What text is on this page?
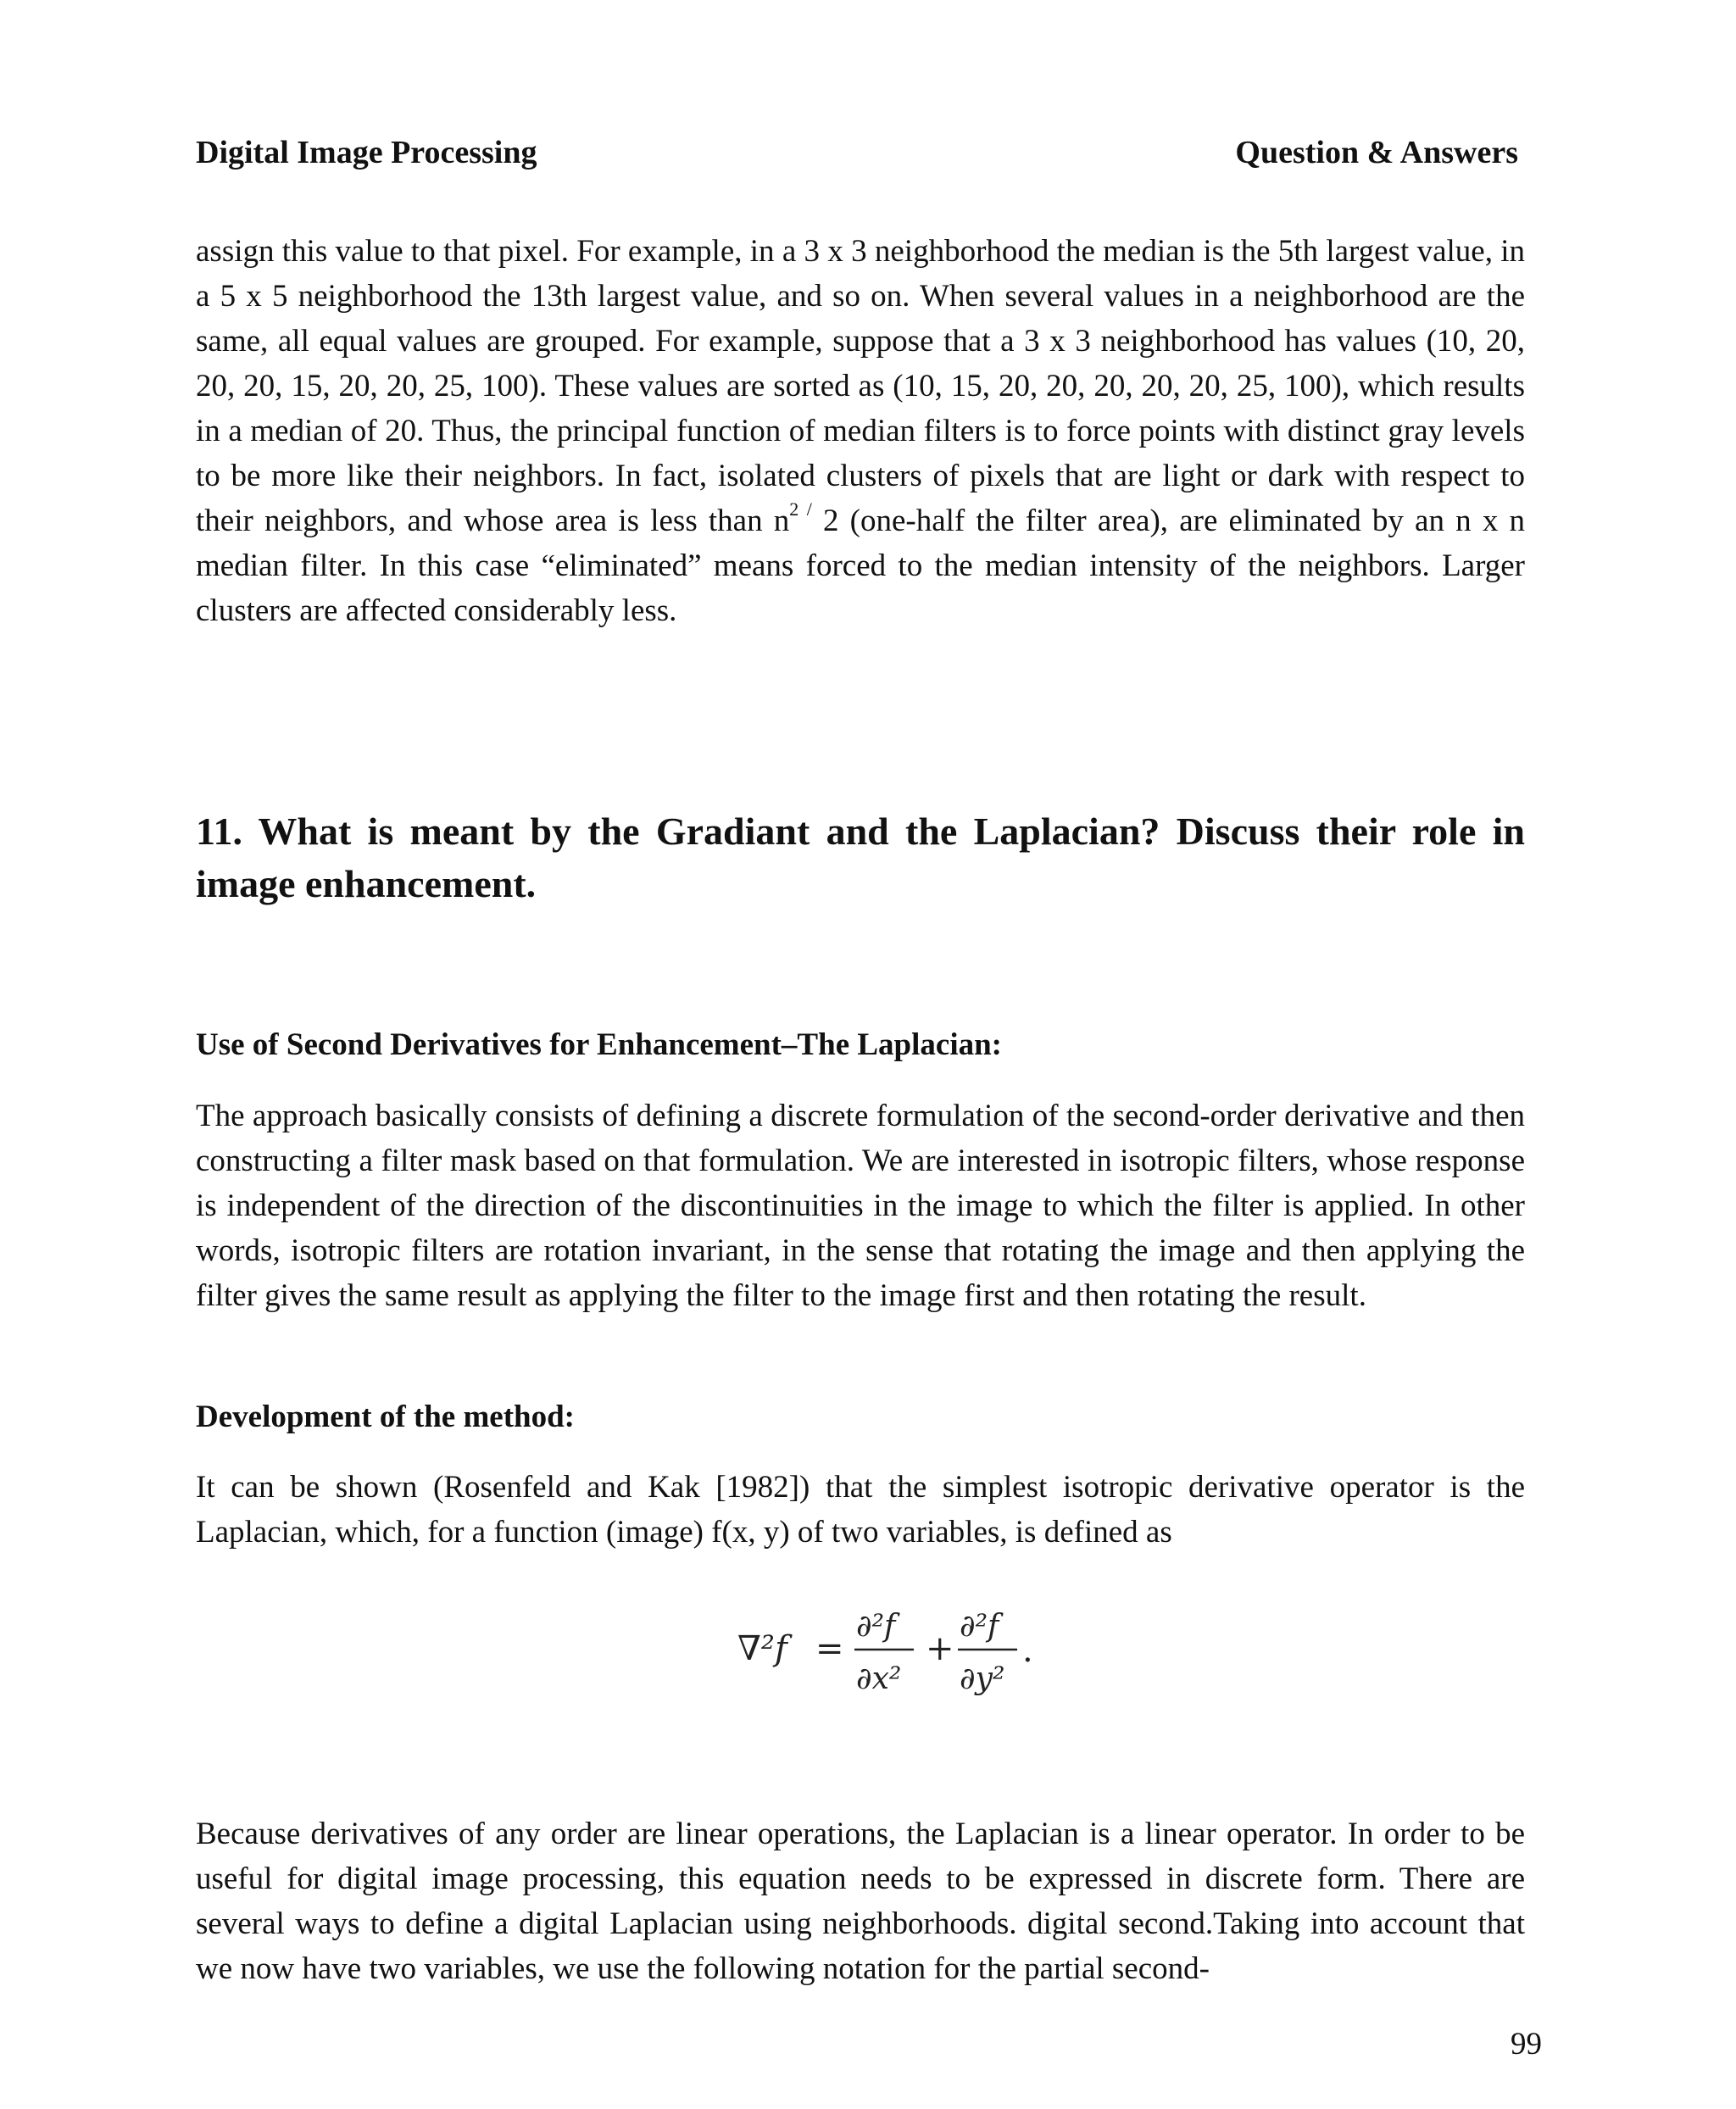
Digital Image Processing	Question & Answers

assign this value to that pixel. For example, in a 3 x 3 neighborhood the median is the 5th largest value, in a 5 x 5 neighborhood the 13th largest value, and so on. When several values in a neighborhood are the same, all equal values are grouped. For example, suppose that a 3 x 3 neighborhood has values (10, 20, 20, 20, 15, 20, 20, 25, 100). These values are sorted as (10, 15, 20, 20, 20, 20, 20, 25, 100), which results in a median of 20. Thus, the principal function of median filters is to force points with distinct gray levels to be more like their neighbors. In fact, isolated clusters of pixels that are light or dark with respect to their neighbors, and whose area is less than $n^{2 /}$ 2 (one-half the filter area), are eliminated by an n x n median filter. In this case “eliminated” means forced to the median intensity of the neighbors. Larger clusters are affected considerably less.

11. What is meant by the Gradiant and the Laplacian? Discuss their role in image enhancement.
Use of Second Derivatives for Enhancement–The Laplacian:

The approach basically consists of defining a discrete formulation of the second-order derivative and then constructing a filter mask based on that formulation. We are interested in isotropic filters, whose response is independent of the direction of the discontinuities in the image to which the filter is applied. In other words, isotropic filters are rotation invariant, in the sense that rotating the image and then applying the filter gives the same result as applying the filter to the image first and then rotating the result.

Development of the method:

It can be shown (Rosenfeld and Kak [1982]) that the simplest isotropic derivative operator is the Laplacian, which, for a function (image) f(x, y) of two variables, is defined as

∇²f =
∂²f
∂x²
+
∂²f
∂y²
.

Because derivatives of any order are linear operations, the Laplacian is a linear operator. In order to be useful for digital image processing, this equation needs to be expressed in discrete form. There are several ways to define a digital Laplacian using neighborhoods. digital second.Taking into account that we now have two variables, we use the following notation for the partial second-

99
